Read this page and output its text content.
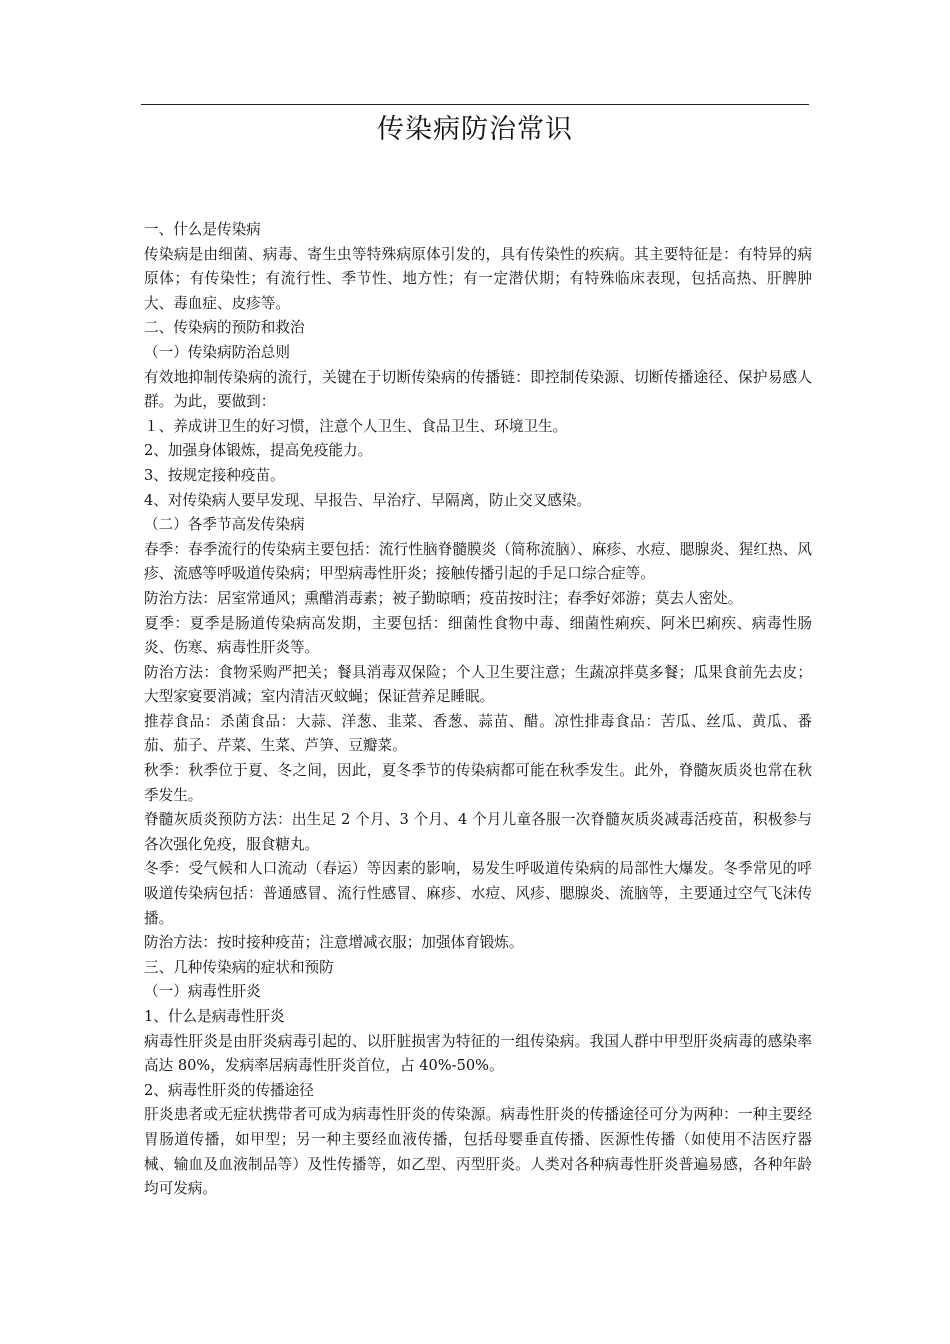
传染病防治常识

一、什么是传染病

传染病是由细菌、病毒、寄生虫等特殊病原体引发的，具有传染性的疾病。其主要特征是：有特异的病原体；有传染性；有流行性、季节性、地方性；有一定潜伏期；有特殊临床表现，包括高热、肝脾肿大、毒血症、皮疹等。

二、传染病的预防和救治

（一）传染病防治总则

有效地抑制传染病的流行，关键在于切断传染病的传播链：即控制传染源、切断传播途径、保护易感人群。为此，要做到：

１、养成讲卫生的好习惯，注意个人卫生、食品卫生、环境卫生。

2、加强身体锻炼，提高免疫能力。

3、按规定接种疫苗。

4、对传染病人要早发现、早报告、早治疗、早隔离，防止交叉感染。

（二）各季节高发传染病

春季：春季流行的传染病主要包括：流行性脑脊髓膜炎（简称流脑）、麻疹、水痘、腮腺炎、猩红热、风疹、流感等呼吸道传染病；甲型病毒性肝炎；接触传播引起的手足口综合症等。

防治方法：居室常通风；熏醋消毒素；被子勤晾晒；疫苗按时注；春季好郊游；莫去人密处。

夏季：夏季是肠道传染病高发期，主要包括：细菌性食物中毒、细菌性痢疾、阿米巴痢疾、病毒性肠炎、伤寒、病毒性肝炎等。

防治方法：食物采购严把关；餐具消毒双保险；个人卫生要注意；生蔬凉拌莫多餐；瓜果食前先去皮；大型家宴要消减；室内清洁灭蚊蝇；保证营养足睡眠。

推荐食品：杀菌食品：大蒜、洋葱、韭菜、香葱、蒜苗、醋。凉性排毒食品：苦瓜、丝瓜、黄瓜、番茄、茄子、芹菜、生菜、芦笋、豆瓣菜。

秋季：秋季位于夏、冬之间，因此，夏冬季节的传染病都可能在秋季发生。此外，脊髓灰质炎也常在秋季发生。

脊髓灰质炎预防方法：出生足 2 个月、3 个月、4 个月儿童各服一次脊髓灰质炎减毒活疫苗，积极参与各次强化免疫，服食糖丸。

冬季：受气候和人口流动（春运）等因素的影响，易发生呼吸道传染病的局部性大爆发。冬季常见的呼吸道传染病包括：普通感冒、流行性感冒、麻疹、水痘、风疹、腮腺炎、流脑等，主要通过空气飞沫传播。

防治方法：按时接种疫苗；注意增减衣服；加强体育锻炼。

三、几种传染病的症状和预防

（一）病毒性肝炎

1、什么是病毒性肝炎

病毒性肝炎是由肝炎病毒引起的、以肝脏损害为特征的一组传染病。我国人群中甲型肝炎病毒的感染率高达 80%，发病率居病毒性肝炎首位，占 40%-50%。

2、病毒性肝炎的传播途径

肝炎患者或无症状携带者可成为病毒性肝炎的传染源。病毒性肝炎的传播途径可分为两种：一种主要经胃肠道传播，如甲型；另一种主要经血液传播，包括母婴垂直传播、医源性传播（如使用不洁医疗器械、输血及血液制品等）及性传播等，如乙型、丙型肝炎。人类对各种病毒性肝炎普遍易感，各种年龄均可发病。
